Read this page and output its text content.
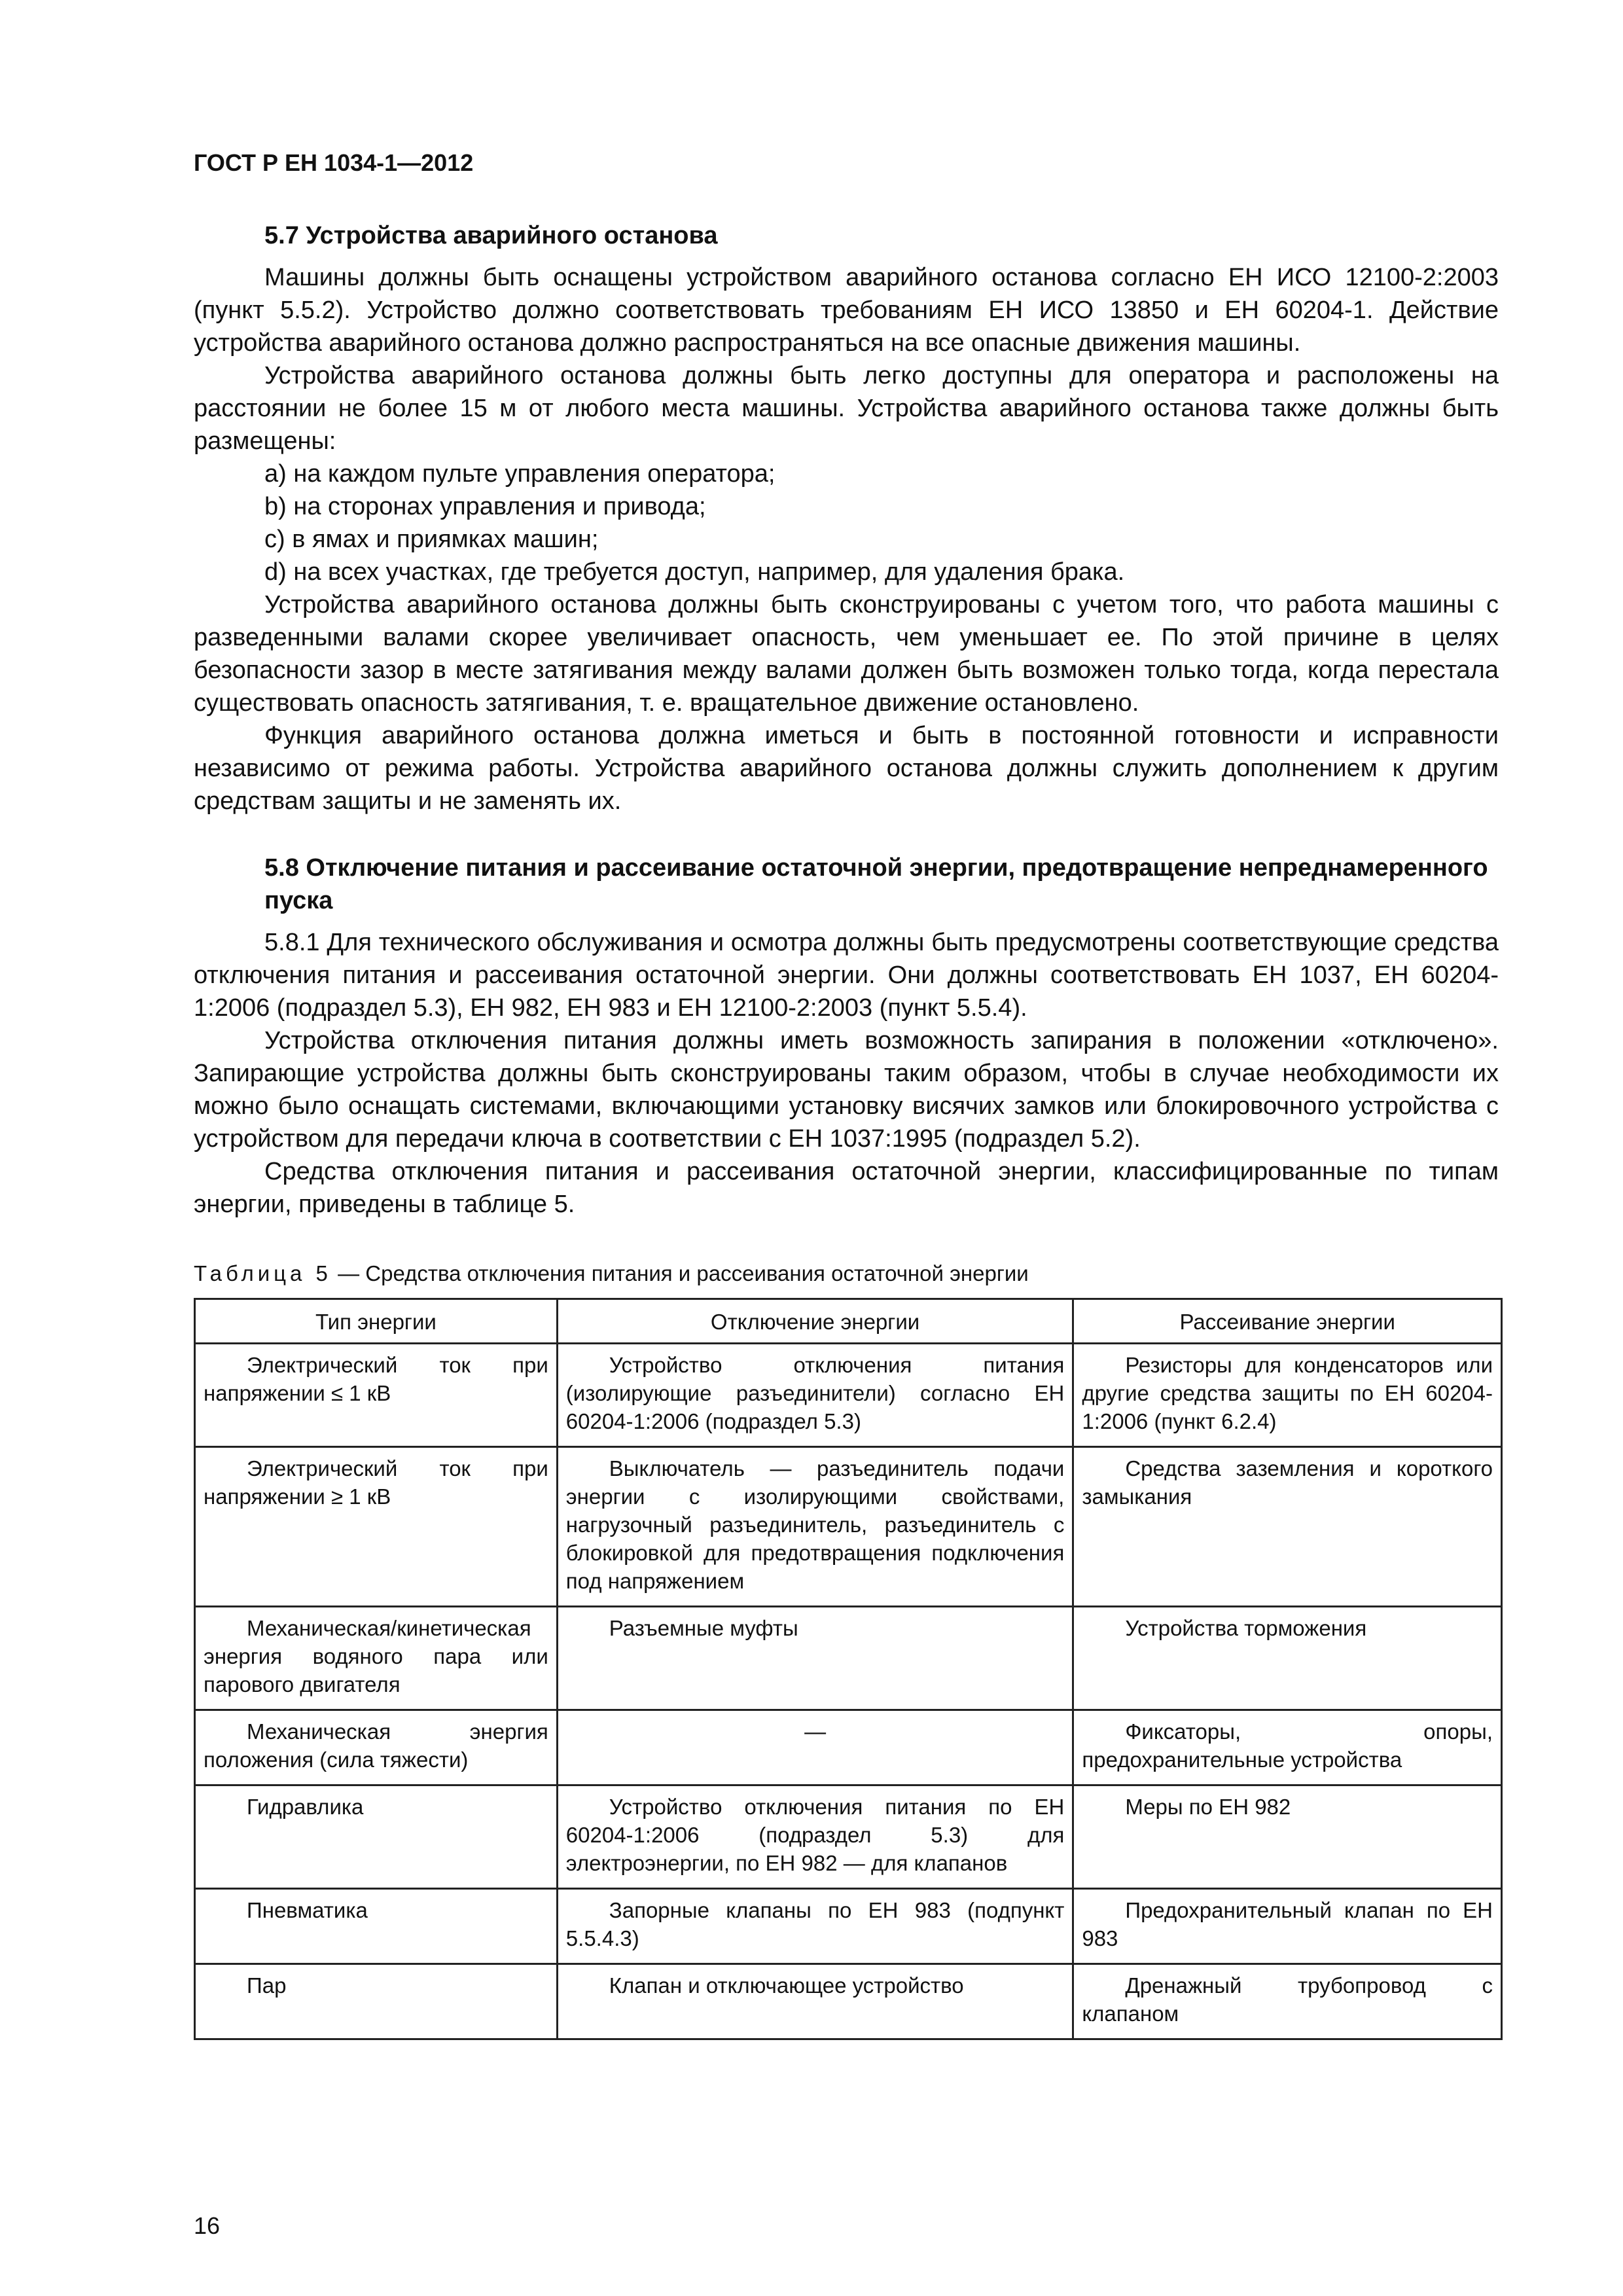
ГОСТ Р ЕН 1034-1—2012
5.7 Устройства аварийного останова

Машины должны быть оснащены устройством аварийного останова согласно ЕН ИСО 12100-2:2003 (пункт 5.5.2). Устройство должно соответствовать требованиям ЕН ИСО 13850 и ЕН 60204-1. Действие устройства аварийного останова должно распространяться на все опасные движения машины.

Устройства аварийного останова должны быть легко доступны для оператора и расположены на расстоянии не более 15 м от любого места машины. Устройства аварийного останова также должны быть размещены:

a) на каждом пульте управления оператора;

b) на сторонах управления и привода;

c) в ямах и приямках машин;

d) на всех участках, где требуется доступ, например, для удаления брака.

Устройства аварийного останова должны быть сконструированы с учетом того, что работа машины с разведенными валами скорее увеличивает опасность, чем уменьшает ее. По этой причине в целях безопасности зазор в месте затягивания между валами должен быть возможен только тогда, когда перестала существовать опасность затягивания, т. е. вращательное движение остановлено.

Функция аварийного останова должна иметься и быть в постоянной готовности и исправности независимо от режима работы. Устройства аварийного останова должны служить дополнением к другим средствам защиты и не заменять их.

5.8 Отключение питания и рассеивание остаточной энергии, предотвращение непреднамеренного пуска

5.8.1 Для технического обслуживания и осмотра должны быть предусмотрены соответствующие средства отключения питания и рассеивания остаточной энергии. Они должны соответствовать ЕН 1037, ЕН 60204-1:2006 (подраздел 5.3), ЕН 982, ЕН 983 и ЕН 12100-2:2003 (пункт 5.5.4).

Устройства отключения питания должны иметь возможность запирания в положении «отключено». Запирающие устройства должны быть сконструированы таким образом, чтобы в случае необходимости их можно было оснащать системами, включающими установку висячих замков или блокировочного устройства с устройством для передачи ключа в соответствии с ЕН 1037:1995 (подраздел 5.2).

Средства отключения питания и рассеивания остаточной энергии, классифицированные по типам энергии, приведены в таблице 5.

Таблица 5 — Средства отключения питания и рассеивания остаточной энергии
Тип энергии	Отключение энергии	Рассеивание энергии

Электрический ток при напряжении ≤ 1 кВ	Устройство отключения питания (изолирующие разъединители) согласно ЕН 60204-1:2006 (подраздел 5.3)	Резисторы для конденсаторов или другие средства защиты по ЕН 60204-1:2006 (пункт 6.2.4)

Электрический ток при напряжении ≥ 1 кВ	Выключатель — разъединитель подачи энергии с изолирующими свойствами, нагрузочный разъединитель, разъединитель с блокировкой для предотвращения подключения под напряжением	Средства заземления и короткого замыкания

Механическая/кинетическая энергия водяного пара или парового двигателя	Разъемные муфты	Устройства торможения

Механическая энергия положения (сила тяжести)	—	Фиксаторы, опоры, предохранительные устройства

Гидравлика	Устройство отключения питания по ЕН 60204-1:2006 (подраздел 5.3) для электроэнергии, по ЕН 982 — для клапанов	Меры по ЕН 982

Пневматика	Запорные клапаны по ЕН 983 (подпункт 5.5.4.3)	Предохранительный клапан по ЕН 983

Пар	Клапан и отключающее устройство	Дренажный трубопровод с клапаном
16
